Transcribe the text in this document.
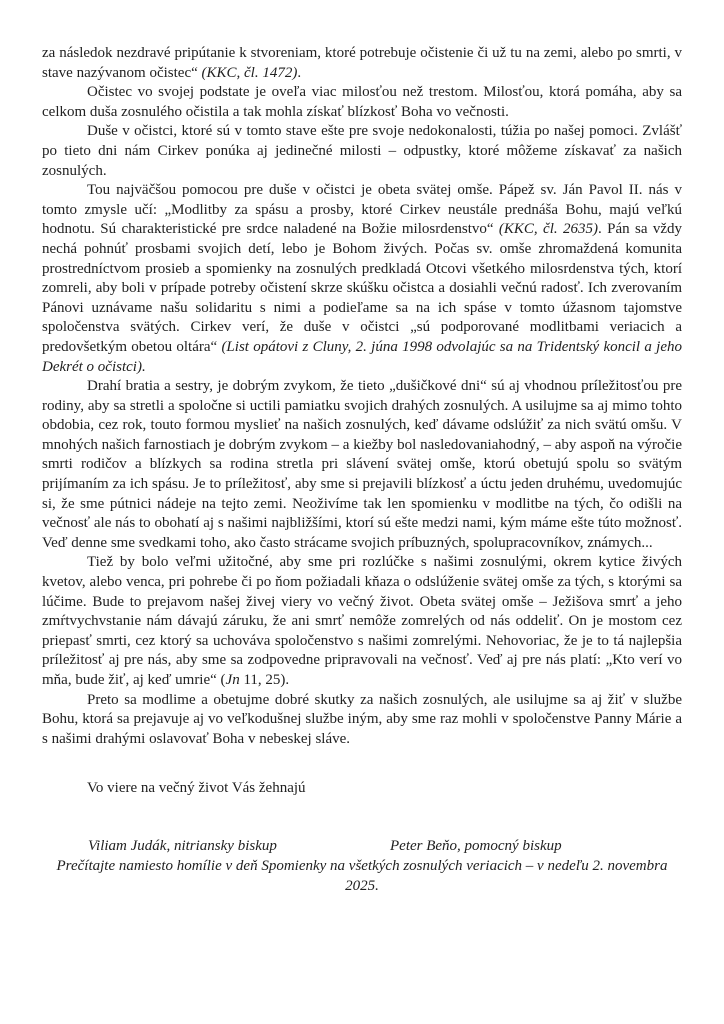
za následok nezdravé pripútanie k stvoreniam, ktoré potrebuje očistenie či už tu na zemi, alebo po smrti, v stave nazývanom očistec“ (KKC, čl. 1472).

Očistec vo svojej podstate je oveľa viac milosťou než trestom. Milosťou, ktorá pomáha, aby sa celkom duša zosnulého očistila a tak mohla získať blízkosť Boha vo večnosti.

Duše v očistci, ktoré sú v tomto stave ešte pre svoje nedokonalosti, túžia po našej pomoci. Zvlášť po tieto dni nám Cirkev ponúka aj jedinečné milosti – odpustky, ktoré môžeme získavať za našich zosnulých.

Tou najväčšou pomocou pre duše v očistci je obeta svätej omše. Pápež sv. Ján Pavol II. nás v tomto zmysle učí: „Modlitby za spásu a prosby, ktoré Cirkev neustále prednáša Bohu, majú veľkú hodnotu. Sú charakteristické pre srdce naladené na Božie milosrdenstvo“ (KKC, čl. 2635). Pán sa vždy nechá pohnúť prosbami svojich detí, lebo je Bohom živých. Počas sv. omše zhromaždená komunita prostredníctvom prosieb a spomienky na zosnulých predkladá Otcovi všetkého milosrdenstva tých, ktorí zomreli, aby boli v prípade potreby očistení skrze skúšku očistca a dosiahli večnú radosť. Ich zverovaním Pánovi uznávame našu solidaritu s nimi a podieľame sa na ich spáse v tomto úžasnom tajomstve spoločenstva svätých. Cirkev verí, že duše v očistci „sú podporované modlitbami veriacich a predovšetkým obetou oltára“ (List opátovi z Cluny, 2. júna 1998 odvolajúc sa na Tridentský koncil a jeho Dekrét o očistci).

Drahí bratia a sestry, je dobrým zvykom, že tieto „dušičkové dni“ sú aj vhodnou príležitosťou pre rodiny, aby sa stretli a spoločne si uctili pamiatku svojich drahých zosnulých. A usilujme sa aj mimo tohto obdobia, cez rok, touto formou myslieť na našich zosnulých, keď dávame odslúžiť za nich svätú omšu. V mnohých našich farnostiach je dobrým zvykom – a kiežby bol nasledovaniahodný, – aby aspoň na výročie smrti rodičov a blízkych sa rodina stretla pri slávení svätej omše, ktorú obetujú spolu so svätým prijímaním za ich spásu. Je to príležitosť, aby sme si prejavili blízkosť a úctu jeden druhému, uvedomujúc si, že sme pútnici nádeje na tejto zemi. Neoživíme tak len spomienku v modlitbe na tých, čo odišli na večnosť ale nás to obohatí aj s našimi najbližšími, ktorí sú ešte medzi nami, kým máme ešte túto možnosť. Veď denne sme svedkami toho, ako často strácame svojich príbuzných, spolupracovníkov, známych...

Tiež by bolo veľmi užitočné, aby sme pri rozlúčke s našimi zosnulými, okrem kytice živých kvetov, alebo venca, pri pohrebe či po ňom požiadali kňaza o odslúženie svätej omše za tých, s ktorými sa lúčime. Bude to prejavom našej živej viery vo večný život. Obeta svätej omše – Ježišova smrť a jeho zmŕtvychvstanie nám dávajú záruku, že ani smrť nemôže zomrelých od nás oddeliť. On je mostom cez priepasť smrti, cez ktorý sa uchováva spoločenstvo s našimi zomrelými. Nehovoriac, že je to tá najlepšia príležitosť aj pre nás, aby sme sa zodpovedne pripravovali na večnosť. Veď aj pre nás platí: „Kto verí vo mňa, bude žiť, aj keď umrie“ (Jn 11, 25).

Preto sa modlime a obetujme dobré skutky za našich zosnulých, ale usilujme sa aj žiť v službe Bohu, ktorá sa prejavuje aj vo veľkodušnej službe iným, aby sme raz mohli v spoločenstve Panny Márie a s našimi drahými oslavovať Boha v nebeskej sláve.

Vo viere na večný život Vás žehnajú

Viliam Judák, nitriansky biskup	Peter Beňo, pomocný biskup

Prečítajte namiesto homílie v deň Spomienky na všetkých zosnulých veriacich – v nedeľu 2. novembra 2025.
